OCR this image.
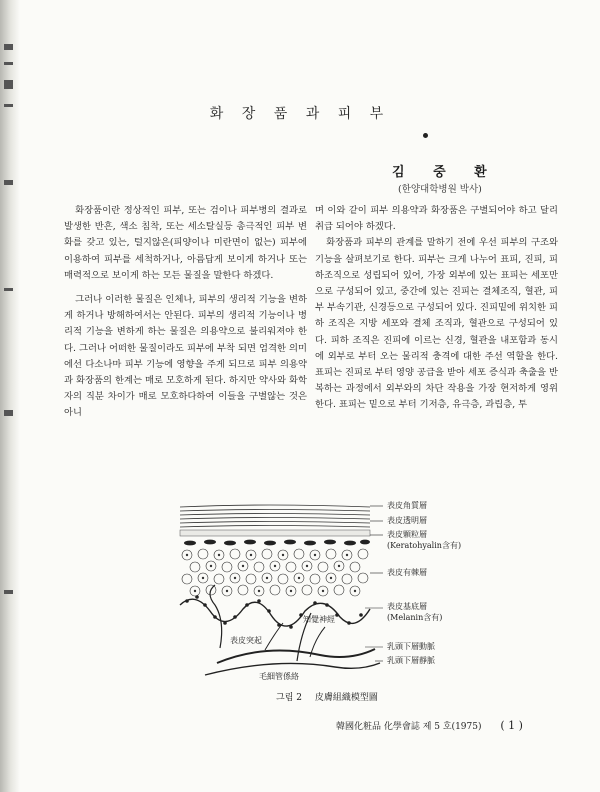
화 장 품 과 피 부
김 중 환
(한양대학병원 박사)

화장품이란 정상적인 피부, 또는 검이나 피부병의 결과로 발생한 반흔, 색소 침착, 또는 세소탈실등 총극적인 피부 변화를 갖고 있는, 털지않은(피양이나 미란면이 없는) 피부에 이용하여 피부를 세척하거나, 아름답게 보이게 하거나 또는 매력적으로 보이게 하는 모든 물질을 말한다 하겠다.

그러나 이러한 물질은 인체나, 피부의 생리적 기능을 변하게 하거나 방해하여서는 안된다. 피부의 생리적 기능이나 병리적 기능을 변하게 하는 물질은 의용약으로 불리워져야 한다. 그러나 어떠한 물질이라도 피부에 부착 되면 엄격한 의미에선 다소나마 피부 기능에 영향을 주게 되므로 피부 의용약과 화장품의 한계는 매로 모호하게 된다. 하지만 약사와 화학자의 직분 차이가 매로 모호하다하여 이들을 구별않는 것은 아니

며 이와 같이 피부 의용약과 화장품은 구별되어야 하고 달리 취급 되어야 하겠다.

화장품과 피부의 관계를 말하기 전에 우선 피부의 구조와 기능을 살펴보기로 한다. 피부는 크게 나누어 표피, 진피, 피하조직으로 성립되어 있어, 가장 외부에 있는 표피는 세포만으로 구성되어 있고, 중간에 있는 진피는 결체조직, 혈관, 피부 부속기관, 신경등으로 구성되어 있다. 진피밑에 위치한 피하 조직은 지방 세포와 결체 조직과, 혈관으로 구성되어 있다. 피하 조직은 진피에 이르는 신경, 혈관을 내포함과 동시에 외부로 부터 오는 물리적 충격에 대한 주선 역할을 한다. 표피는 진피로 부터 영양 공급을 받아 세포 증식과 축출을 반복하는 과정에서 외부와의 차단 작용을 가장 현저하게 영위한다. 표피는 밑으로 부터 기저층, 유극층, 과립층, 투

表皮角質層
表皮透明層
表皮顆粒層
(Keratohyalin含有)
表皮有棘層
表皮基底層
(Melanin含有)
乳頭下層動脈
乳頭下層靜脈
表皮突起
知覺神經
毛細管係絡
그림 2 皮膚組織模型圖
韓國化粧品 化學會誌 제 5 호(1975) ( 1 )
